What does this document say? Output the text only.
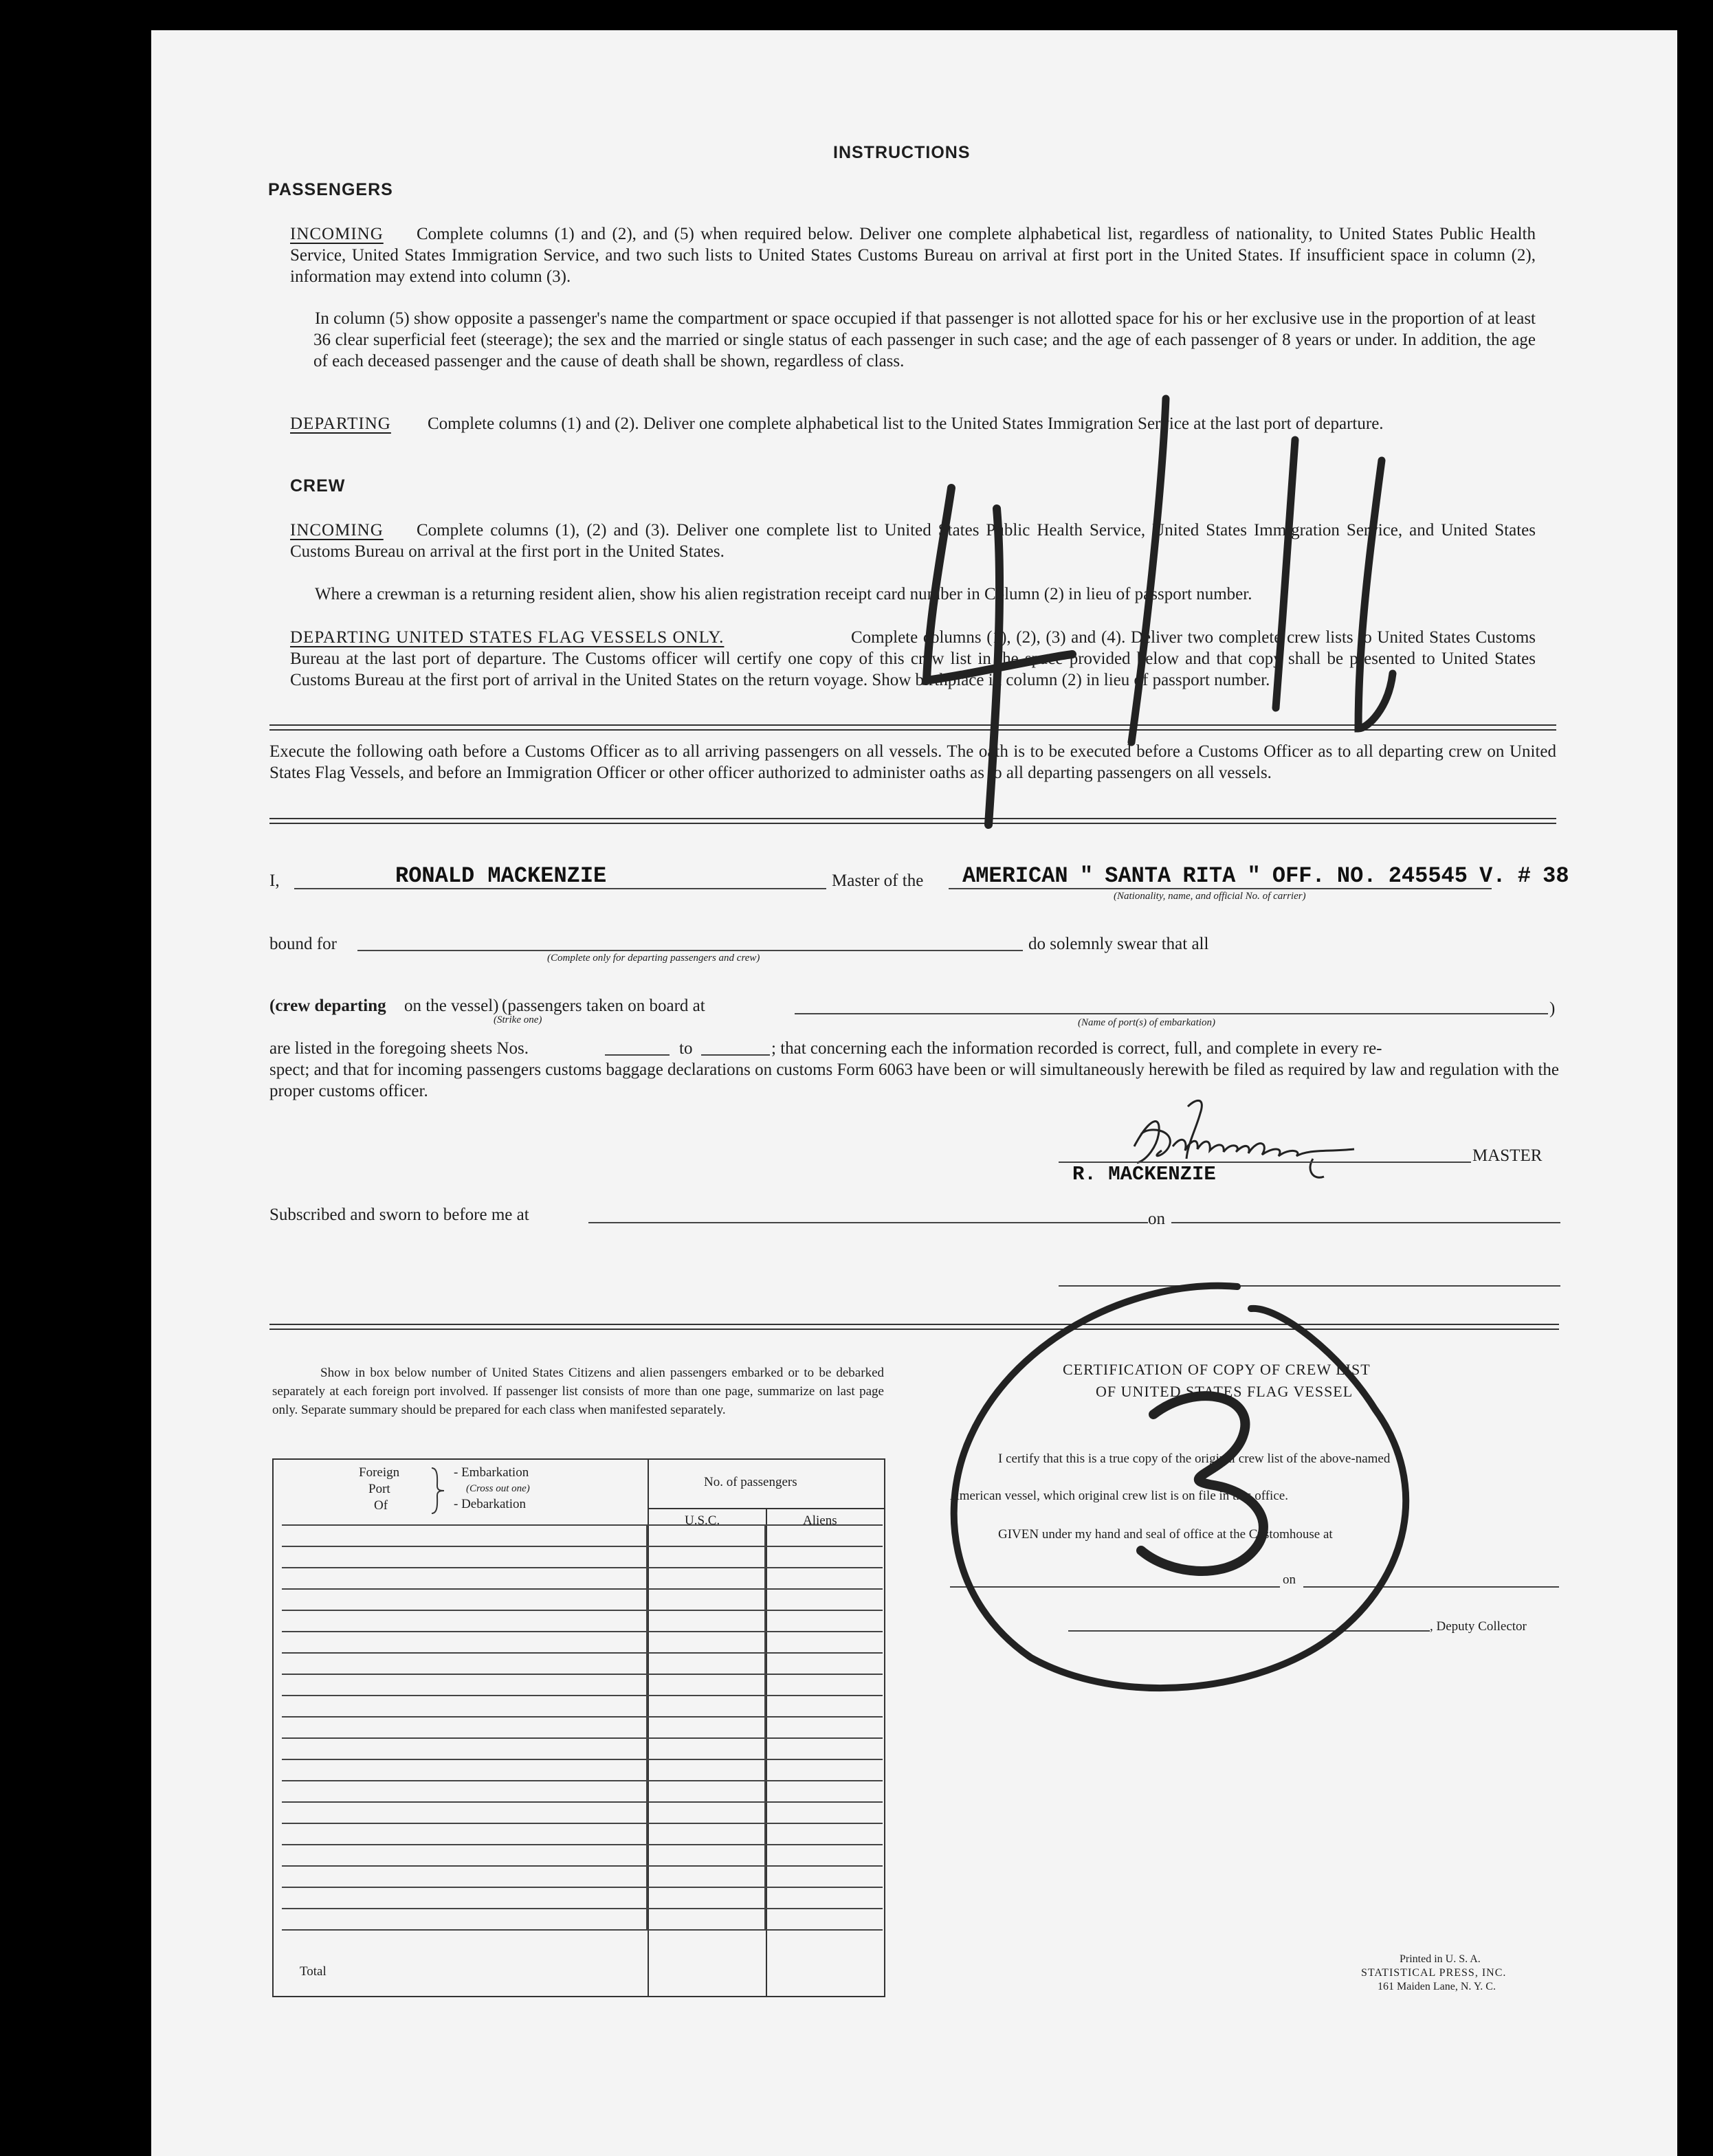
INSTRUCTIONS
PASSENGERS
INCOMING	Complete columns (1) and (2), and (5) when required below. Deliver one complete alphabetical list, regardless of nationality, to United States Public Health Service, United States Immigration Service, and two such lists to United States Customs Bureau on arrival at first port in the United States. If insufficient space in column (2), information may extend into column (3).
In column (5) show opposite a passenger's name the compartment or space occupied if that passenger is not allotted space for his or her exclusive use in the proportion of at least 36 clear superficial feet (steerage); the sex and the married or single status of each passenger in such case; and the age of each passenger of 8 years or under. In addition, the age of each deceased passenger and the cause of death shall be shown, regardless of class.
DEPARTING	Complete columns (1) and (2). Deliver one complete alphabetical list to the United States Immigration Service at the last port of departure.
CREW
INCOMING	Complete columns (1), (2) and (3). Deliver one complete list to United States Public Health Service, United States Immigration Service, and United States Customs Bureau on arrival at the first port in the United States.
Where a crewman is a returning resident alien, show his alien registration receipt card number in Column (2) in lieu of passport number.
DEPARTING UNITED STATES FLAG VESSELS ONLY.	Complete columns (1), (2), (3) and (4). Deliver two complete crew lists to United States Customs Bureau at the last port of departure. The Customs officer will certify one copy of this crew list in the space provided below and that copy shall be presented to United States Customs Bureau at the first port of arrival in the United States on the return voyage. Show birthplace in column (2) in lieu of passport number.
Execute the following oath before a Customs Officer as to all arriving passengers on all vessels. The oath is to be executed before a Customs Officer as to all departing crew on United States Flag Vessels, and before an Immigration Officer or other officer authorized to administer oaths as to all departing passengers on all vessels.
I,	RONALD MACKENZIE	Master of the AMERICAN " SANTA RITA " OFF. NO. 245545 V. # 38
(Nationality, name, and official No. of carrier)
bound for
(Complete only for departing passengers and crew)
do solemnly swear that all
(crew departing on the vessel) (passengers taken on board at
(Strike one)
)
(Name of port(s) of embarkation)
are listed in the foregoing sheets Nos.	to	; that concerning each the information recorded is correct, full, and complete in every re-
spect; and that for incoming passengers customs baggage declarations on customs Form 6063 have been or will simultaneously herewith be filed as required by law and regulation with the proper customs officer.
MASTER
R. MACKENZIE
Subscribed and sworn to before me at	on
Show in box below number of United States Citizens and alien passengers embarked or to be debarked separately at each foreign port involved. If passenger list consists of more than one page, summarize on last page only. Separate summary should be prepared for each class when manifested separately.
Foreign
Port
Of
- Embarkation
(Cross out one)
- Debarkation
No. of passengers
U.S.C.	Aliens

Total
CERTIFICATION OF COPY OF CREW LIST
OF UNITED STATES FLAG VESSEL
I certify that this is a true copy of the original crew list of the above-named
American vessel, which original crew list is on file in this office.
GIVEN under my hand and seal of office at the Customhouse at
on
, Deputy Collector
Printed in U. S. A.
STATISTICAL PRESS, INC.
161 Maiden Lane, N. Y. C.
